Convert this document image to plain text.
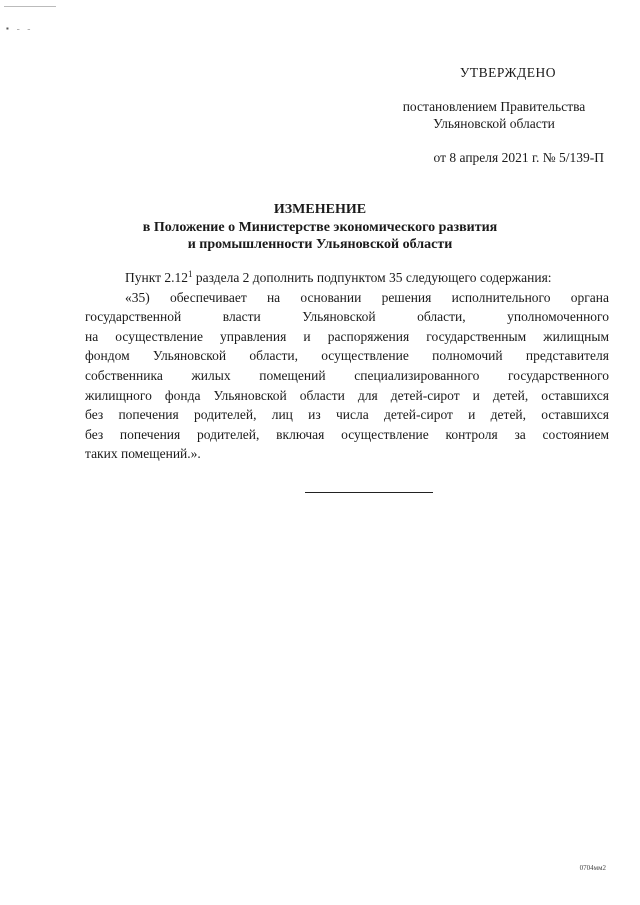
▪ ˗ ˗
УТВЕРЖДЕНО
постановлением Правительства
Ульяновской области
от 8 апреля 2021 г. № 5/139-П
ИЗМЕНЕНИЕ
в Положение о Министерстве экономического развития
и промышленности Ульяновской области

Пункт 2.12$^1$ раздела 2 дополнить подпунктом 35 следующего содержания:

«35) обеспечивает на основании решения исполнительного органа
государственной власти Ульяновской области, уполномоченного
на осуществление управления и распоряжения государственным жилищным
фондом Ульяновской области, осуществление полномочий представителя
собственника жилых помещений специализированного государственного
жилищного фонда Ульяновской области для детей-сирот и детей, оставшихся
без попечения родителей, лиц из числа детей-сирот и детей, оставшихся
без попечения родителей, включая осуществление контроля за состоянием
таких помещений.».
0704мм2
